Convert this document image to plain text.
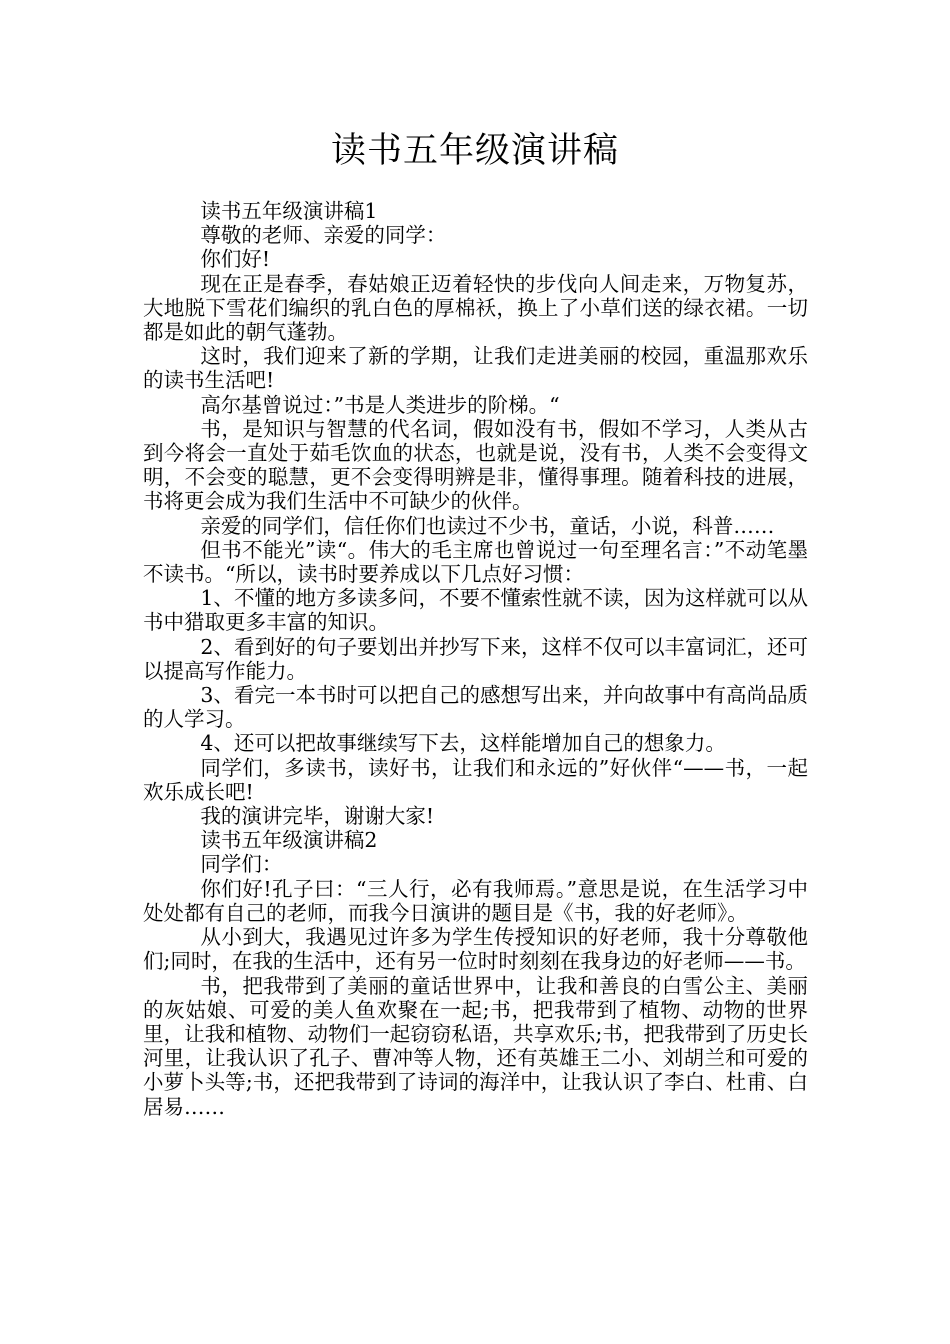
读书五年级演讲稿

读书五年级演讲稿1

尊敬的老师、亲爱的同学：

你们好!

现在正是春季，春姑娘正迈着轻快的步伐向人间走来，万物复苏，大地脱下雪花们编织的乳白色的厚棉袄，换上了小草们送的绿衣裙。一切都是如此的朝气蓬勃。

这时，我们迎来了新的学期，让我们走进美丽的校园，重温那欢乐的读书生活吧!

高尔基曾说过：”书是人类进步的阶梯。“

书，是知识与智慧的代名词，假如没有书，假如不学习，人类从古到今将会一直处于茹毛饮血的状态，也就是说，没有书，人类不会变得文明，不会变的聪慧，更不会变得明辨是非，懂得事理。随着科技的进展，书将更会成为我们生活中不可缺少的伙伴。

亲爱的同学们，信任你们也读过不少书，童话，小说，科普……

但书不能光”读“。伟大的毛主席也曾说过一句至理名言：”不动笔墨不读书。“所以，读书时要养成以下几点好习惯：

1、不懂的地方多读多问，不要不懂索性就不读，因为这样就可以从书中猎取更多丰富的知识。

2、看到好的句子要划出并抄写下来，这样不仅可以丰富词汇，还可以提高写作能力。

3、看完一本书时可以把自己的感想写出来，并向故事中有高尚品质的人学习。

4、还可以把故事继续写下去，这样能增加自己的想象力。

同学们，多读书，读好书，让我们和永远的”好伙伴“——书，一起欢乐成长吧!

我的演讲完毕，谢谢大家!

读书五年级演讲稿2

同学们：

你们好!孔子曰：“三人行，必有我师焉。”意思是说，在生活学习中处处都有自己的老师，而我今日演讲的题目是《书，我的好老师》。

从小到大，我遇见过许多为学生传授知识的好老师，我十分尊敬他们;同时，在我的生活中，还有另一位时时刻刻在我身边的好老师——书。

书，把我带到了美丽的童话世界中，让我和善良的白雪公主、美丽的灰姑娘、可爱的美人鱼欢聚在一起;书，把我带到了植物、动物的世界里，让我和植物、动物们一起窃窃私语，共享欢乐;书，把我带到了历史长河里，让我认识了孔子、曹冲等人物，还有英雄王二小、刘胡兰和可爱的小萝卜头等;书，还把我带到了诗词的海洋中，让我认识了李白、杜甫、白居易……
